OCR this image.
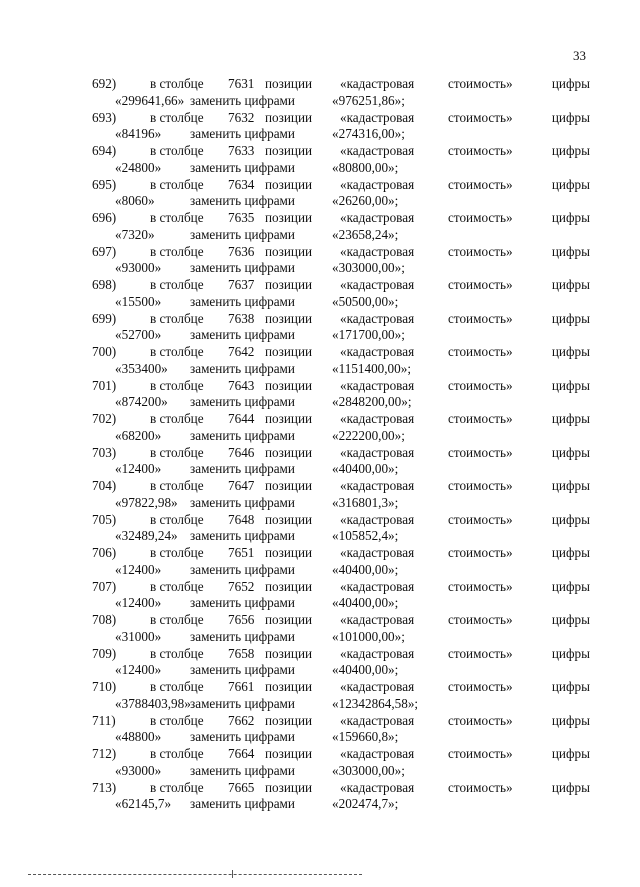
33
692)	в столбце 7631 позиции «кадастровая	стоимость»	цифры
«299641,66» заменить цифрами	«976251,86»;
693)	в столбце 7632 позиции «кадастровая	стоимость»	цифры
«84196» заменить цифрами	«274316,00»;
694)	в столбце 7633 позиции «кадастровая	стоимость»	цифры
«24800» заменить цифрами	«80800,00»;
695)	в столбце 7634 позиции «кадастровая	стоимость»	цифры
«8060»	заменить цифрами	«26260,00»;
696)	в столбце 7635 позиции «кадастровая	стоимость»	цифры
«7320»	заменить цифрами	«23658,24»;
697)	в столбце 7636 позиции «кадастровая	стоимость»	цифры
«93000» заменить цифрами	«303000,00»;
698)	в столбце 7637 позиции «кадастровая	стоимость»	цифры
«15500» заменить цифрами	«50500,00»;
699)	в столбце 7638 позиции «кадастровая	стоимость»	цифры
«52700» заменить цифрами	«171700,00»;
700)	в столбце 7642 позиции «кадастровая	стоимость»	цифры
«353400» заменить цифрами	«1151400,00»;
701)	в столбце 7643 позиции «кадастровая	стоимость»	цифры
«874200» заменить цифрами	«2848200,00»;
702)	в столбце 7644 позиции «кадастровая	стоимость»	цифры
«68200» заменить цифрами	«222200,00»;
703)	в столбце 7646 позиции «кадастровая	стоимость»	цифры
«12400» заменить цифрами	«40400,00»;
704)	в столбце 7647 позиции «кадастровая	стоимость»	цифры
«97822,98» заменить цифрами	«316801,3»;
705)	в столбце 7648 позиции «кадастровая	стоимость»	цифры
«32489,24» заменить цифрами	«105852,4»;
706)	в столбце 7651 позиции «кадастровая	стоимость»	цифры
«12400» заменить цифрами	«40400,00»;
707)	в столбце 7652 позиции «кадастровая	стоимость»	цифры
«12400» заменить цифрами	«40400,00»;
708)	в столбце 7656 позиции «кадастровая	стоимость»	цифры
«31000» заменить цифрами	«101000,00»;
709)	в столбце 7658 позиции «кадастровая	стоимость»	цифры
«12400» заменить цифрами	«40400,00»;
710)	в столбце 7661 позиции «кадастровая	стоимость»	цифры
«3788403,98» заменить цифрами	«12342864,58»;
711)	в столбце 7662 позиции «кадастровая	стоимость»	цифры
«48800» заменить цифрами	«159660,8»;
712)	в столбце 7664 позиции «кадастровая	стоимость»	цифры
«93000» заменить цифрами	«303000,00»;
713)	в столбце 7665 позиции «кадастровая	стоимость»	цифры
«62145,7» заменить цифрами	«202474,7»;
